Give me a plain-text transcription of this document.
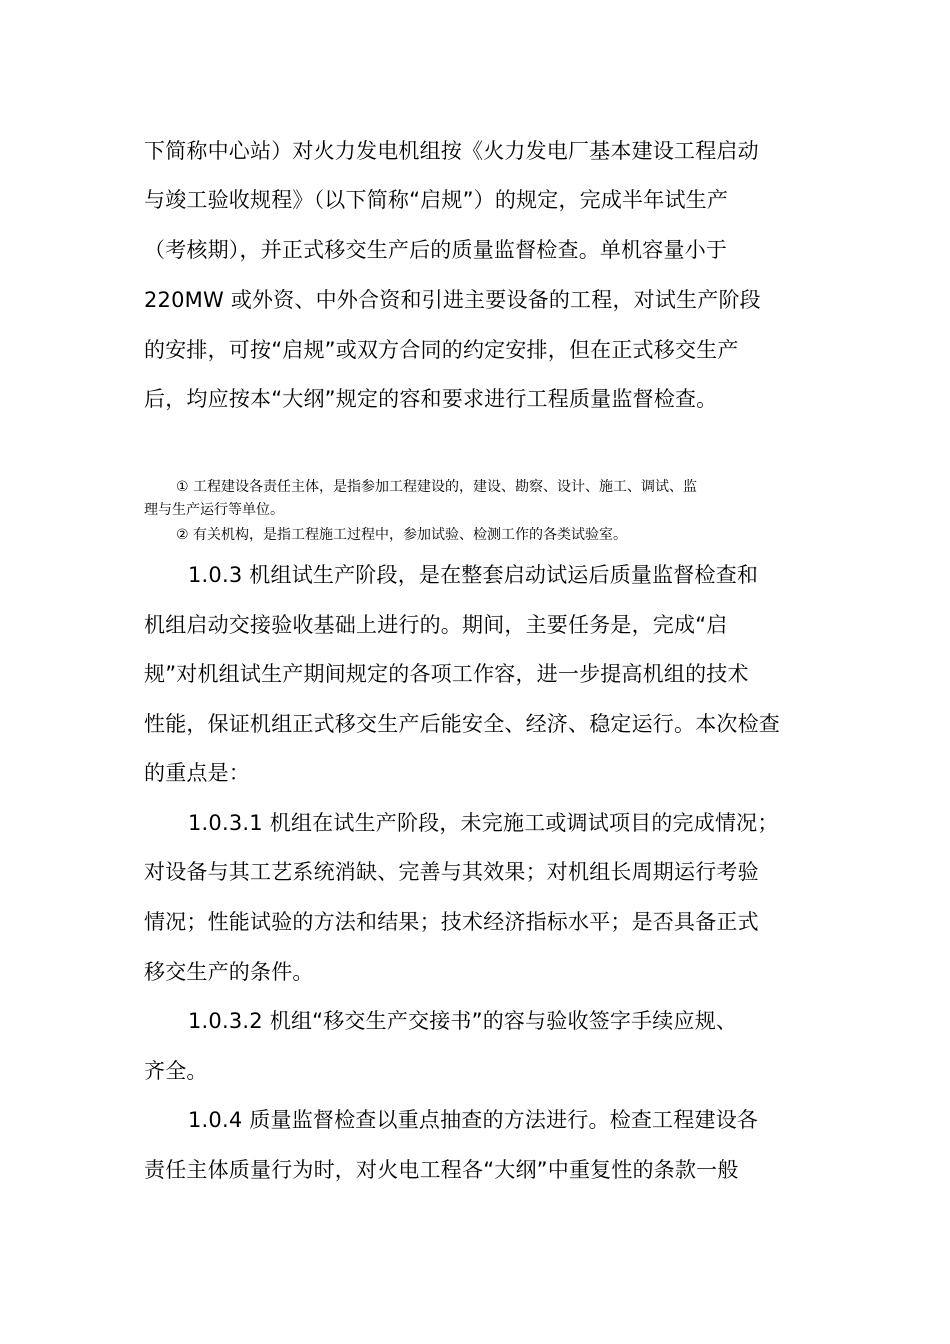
下简称中心站）对火力发电机组按《火力发电厂基本建设工程启动
与竣工验收规程》（以下简称“启规”）的规定，完成半年试生产
（考核期），并正式移交生产后的质量监督检查。单机容量小于
220MW 或外资、中外合资和引进主要设备的工程，对试生产阶段
的安排，可按“启规”或双方合同的约定安排，但在正式移交生产
后，均应按本“大纲”规定的容和要求进行工程质量监督检查。
① 工程建设各责任主体，是指参加工程建设的，建设、勘察、设计、施工、调试、监
理与生产运行等单位。
② 有关机构，是指工程施工过程中，参加试验、检测工作的各类试验室。
1.0.3 机组试生产阶段，是在整套启动试运后质量监督检查和
机组启动交接验收基础上进行的。期间，主要任务是，完成“启
规”对机组试生产期间规定的各项工作容，进一步提高机组的技术
性能，保证机组正式移交生产后能安全、经济、稳定运行。本次检查
的重点是：
1.0.3.1 机组在试生产阶段，未完施工或调试项目的完成情况；
对设备与其工艺系统消缺、完善与其效果；对机组长周期运行考验
情况；性能试验的方法和结果；技术经济指标水平；是否具备正式
移交生产的条件。
1.0.3.2 机组“移交生产交接书”的容与验收签字手续应规、
齐全。
1.0.4 质量监督检查以重点抽查的方法进行。检查工程建设各
责任主体质量行为时，对火电工程各“大纲”中重复性的条款一般
